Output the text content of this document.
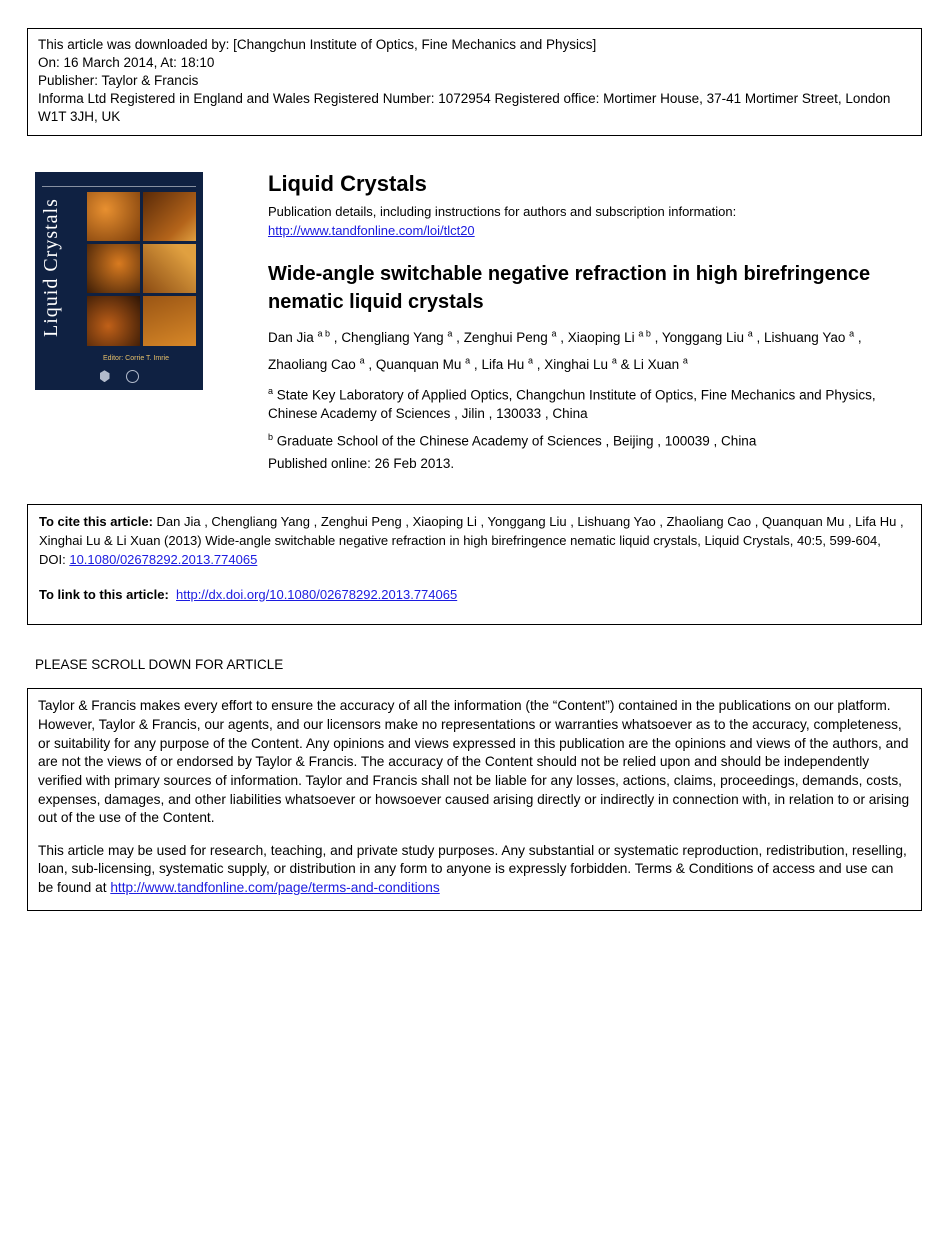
This article was downloaded by: [Changchun Institute of Optics, Fine Mechanics and Physics]
On: 16 March 2014, At: 18:10
Publisher: Taylor & Francis
Informa Ltd Registered in England and Wales Registered Number: 1072954 Registered office: Mortimer House, 37-41 Mortimer Street, London W1T 3JH, UK
Liquid Crystals
Editor: Corrie T. Imrie
Liquid Crystals
Publication details, including instructions for authors and subscription information:
http://www.tandfonline.com/loi/tlct20
Wide-angle switchable negative refraction in high birefringence nematic liquid crystals
Dan Jia $^{a b}$ , Chengliang Yang $^a$ , Zenghui Peng $^a$ , Xiaoping Li $^{a b}$ , Yonggang Liu $^a$ , Lishuang Yao $^a$ , Zhaoliang Cao $^a$ , Quanquan Mu $^a$ , Lifa Hu $^a$ , Xinghai Lu $^a$ & Li Xuan $^a$
$^a$ State Key Laboratory of Applied Optics, Changchun Institute of Optics, Fine Mechanics and Physics, Chinese Academy of Sciences , Jilin , 130033 , China
$^b$ Graduate School of the Chinese Academy of Sciences , Beijing , 100039 , China
Published online: 26 Feb 2013.

To cite this article: Dan Jia , Chengliang Yang , Zenghui Peng , Xiaoping Li , Yonggang Liu , Lishuang Yao , Zhaoliang Cao , Quanquan Mu , Lifa Hu , Xinghai Lu & Li Xuan (2013) Wide-angle switchable negative refraction in high birefringence nematic liquid crystals, Liquid Crystals, 40:5, 599-604, DOI: 10.1080/02678292.2013.774065

To link to this article: http://dx.doi.org/10.1080/02678292.2013.774065

PLEASE SCROLL DOWN FOR ARTICLE

Taylor & Francis makes every effort to ensure the accuracy of all the information (the “Content”) contained in the publications on our platform. However, Taylor & Francis, our agents, and our licensors make no representations or warranties whatsoever as to the accuracy, completeness, or suitability for any purpose of the Content. Any opinions and views expressed in this publication are the opinions and views of the authors, and are not the views of or endorsed by Taylor & Francis. The accuracy of the Content should not be relied upon and should be independently verified with primary sources of information. Taylor and Francis shall not be liable for any losses, actions, claims, proceedings, demands, costs, expenses, damages, and other liabilities whatsoever or howsoever caused arising directly or indirectly in connection with, in relation to or arising out of the use of the Content.

This article may be used for research, teaching, and private study purposes. Any substantial or systematic reproduction, redistribution, reselling, loan, sub-licensing, systematic supply, or distribution in any form to anyone is expressly forbidden. Terms & Conditions of access and use can be found at http://www.tandfonline.com/page/terms-and-conditions
